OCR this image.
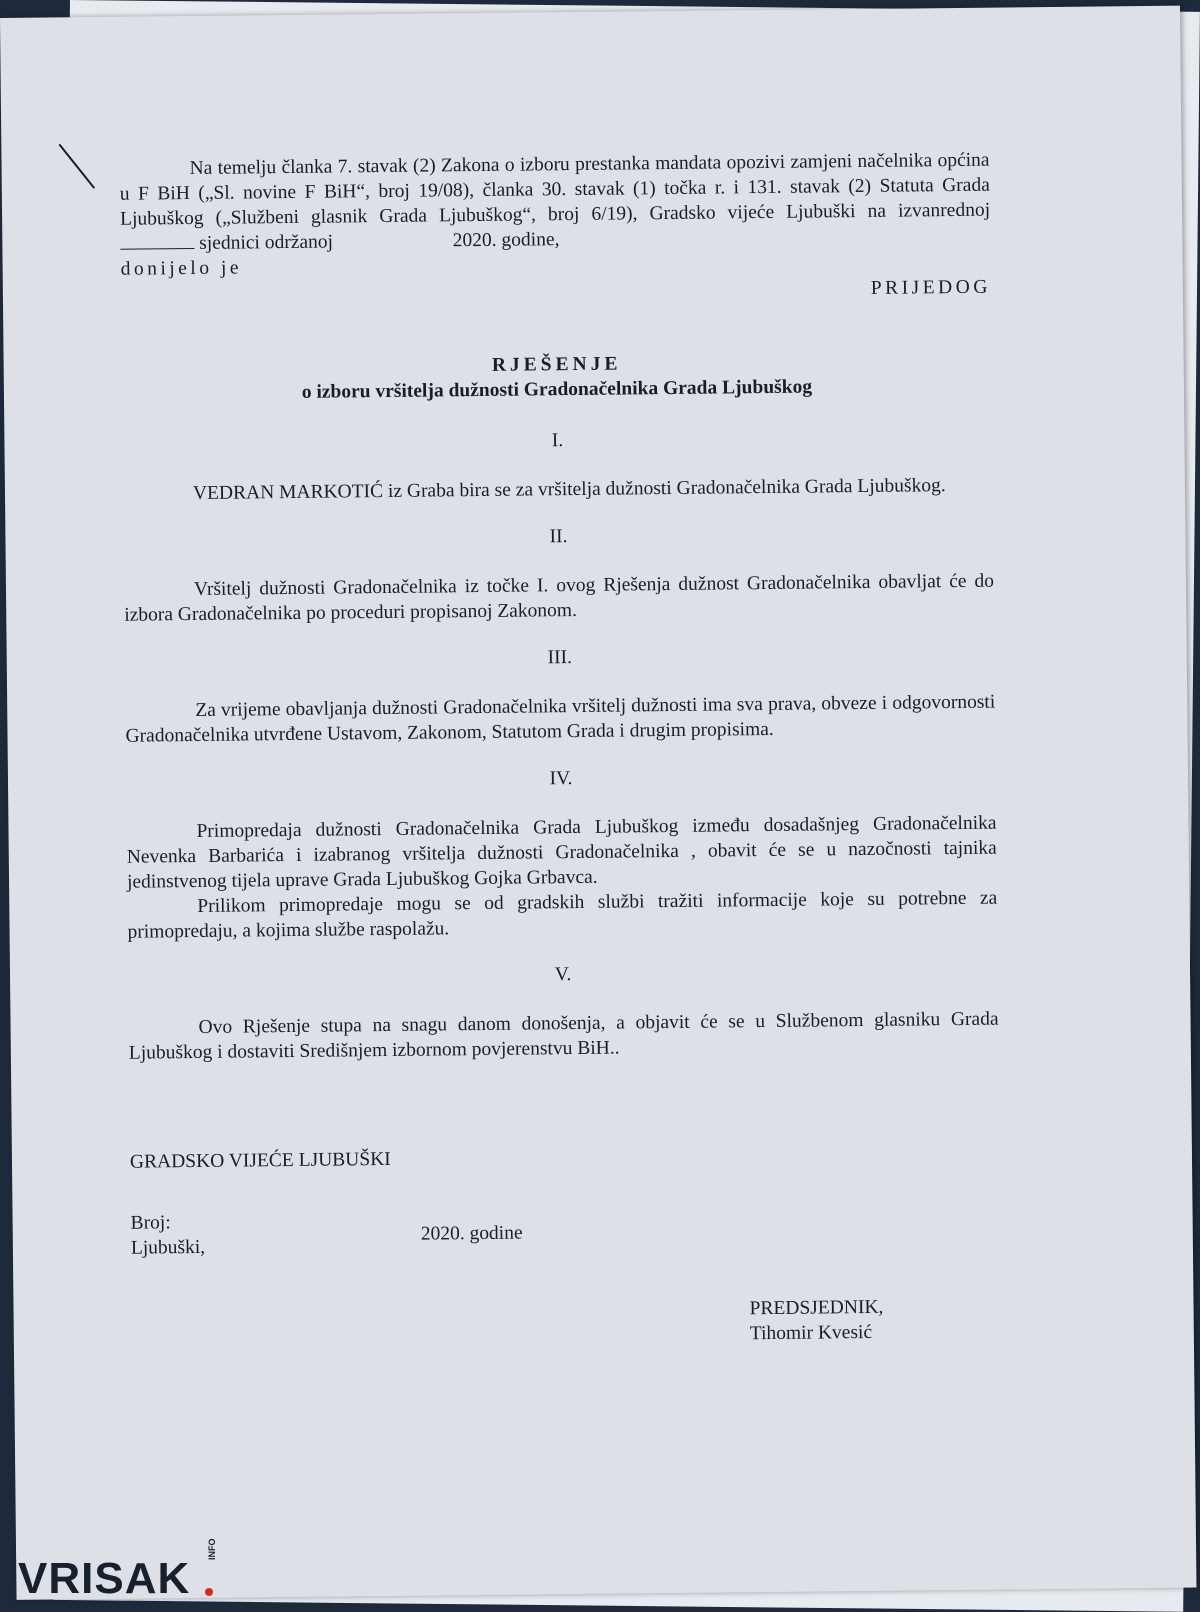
Na temelju članka 7. stavak (2) Zakona o izboru prestanka mandata opozivi zamjeni načelnika općina u F BiH („Sl. novine F BiH“, broj 19/08), članka 30. stavak (1) točka r. i 131. stavak (2) Statuta Grada Ljubuškog („Službeni glasnik Grada Ljubuškog“, broj 6/19), Gradsko vijeće Ljubuški na izvanrednoj  sjednici održanoj	2020. godine,

donijelo je

PRIJEDOG

RJEŠENJE

o izboru vršitelja dužnosti Gradonačelnika Grada Ljubuškog

I.

VEDRAN MARKOTIĆ iz Graba bira se za vršitelja dužnosti Gradonačelnika Grada Ljubuškog.

II.

Vršitelj dužnosti Gradonačelnika iz točke I. ovog Rješenja dužnost Gradonačelnika obavljat će do izbora Gradonačelnika po proceduri propisanoj Zakonom.

III.

Za vrijeme obavljanja dužnosti Gradonačelnika vršitelj dužnosti ima sva prava, obveze i odgovornosti Gradonačelnika utvrđene Ustavom, Zakonom, Statutom Grada i drugim propisima.

IV.

Primopredaja dužnosti Gradonačelnika Grada Ljubuškog između dosadašnjeg Gradonačelnika Nevenka Barbarića i izabranog vršitelja dužnosti Gradonačelnika , obavit će se u nazočnosti tajnika jedinstvenog tijela uprave Grada Ljubuškog Gojka Grbavca.

Prilikom primopredaje mogu se od gradskih službi tražiti informacije koje su potrebne za primopredaju, a kojima službe raspolažu.

V.

Ovo Rješenje stupa na snagu danom donošenja, a objavit će se u Službenom glasniku Grada Ljubuškog i dostaviti Središnjem izbornom povjerenstvu BiH..

GRADSKO VIJEĆE LJUBUŠKI

Broj:
Ljubuški,
2020. godine
PREDSJEDNIK,
Tihomir Kvesić
VRISAK
INFO
